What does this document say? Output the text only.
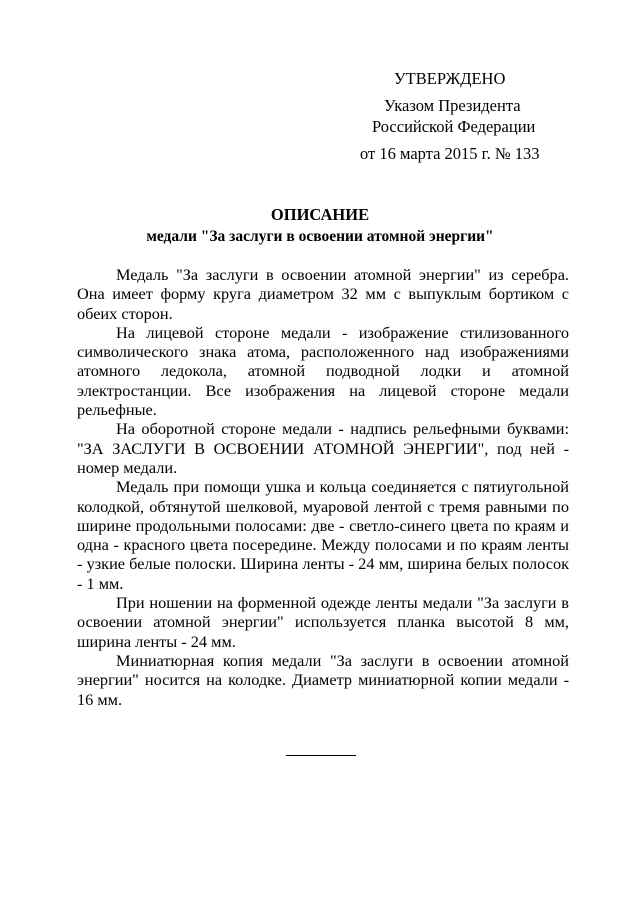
УТВЕРЖДЕНО
Указом Президента
Российской Федерации
от 16 марта 2015 г. № 133
ОПИСАНИЕ
медали "За заслуги в освоении атомной энергии"

Медаль "За заслуги в освоении атомной энергии" из серебра. Она имеет форму круга диаметром 32 мм с выпуклым бортиком с обеих сторон.

На лицевой стороне медали - изображение стилизованного символического знака атома, расположенного над изображениями атомного ледокола, атомной подводной лодки и атомной электростанции. Все изображения на лицевой стороне медали рельефные.

На оборотной стороне медали - надпись рельефными буквами: "ЗА ЗАСЛУГИ В ОСВОЕНИИ АТОМНОЙ ЭНЕРГИИ", под ней - номер медали.

Медаль при помощи ушка и кольца соединяется с пятиугольной колодкой, обтянутой шелковой, муаровой лентой с тремя равными по ширине продольными полосами: две - светло-синего цвета по краям и одна - красного цвета посередине. Между полосами и по краям ленты - узкие белые полоски. Ширина ленты - 24 мм, ширина белых полосок - 1 мм.

При ношении на форменной одежде ленты медали "За заслуги в освоении атомной энергии" используется планка высотой 8 мм, ширина ленты - 24 мм.

Миниатюрная копия медали "За заслуги в освоении атомной энергии" носится на колодке. Диаметр миниатюрной копии медали - 16 мм.
